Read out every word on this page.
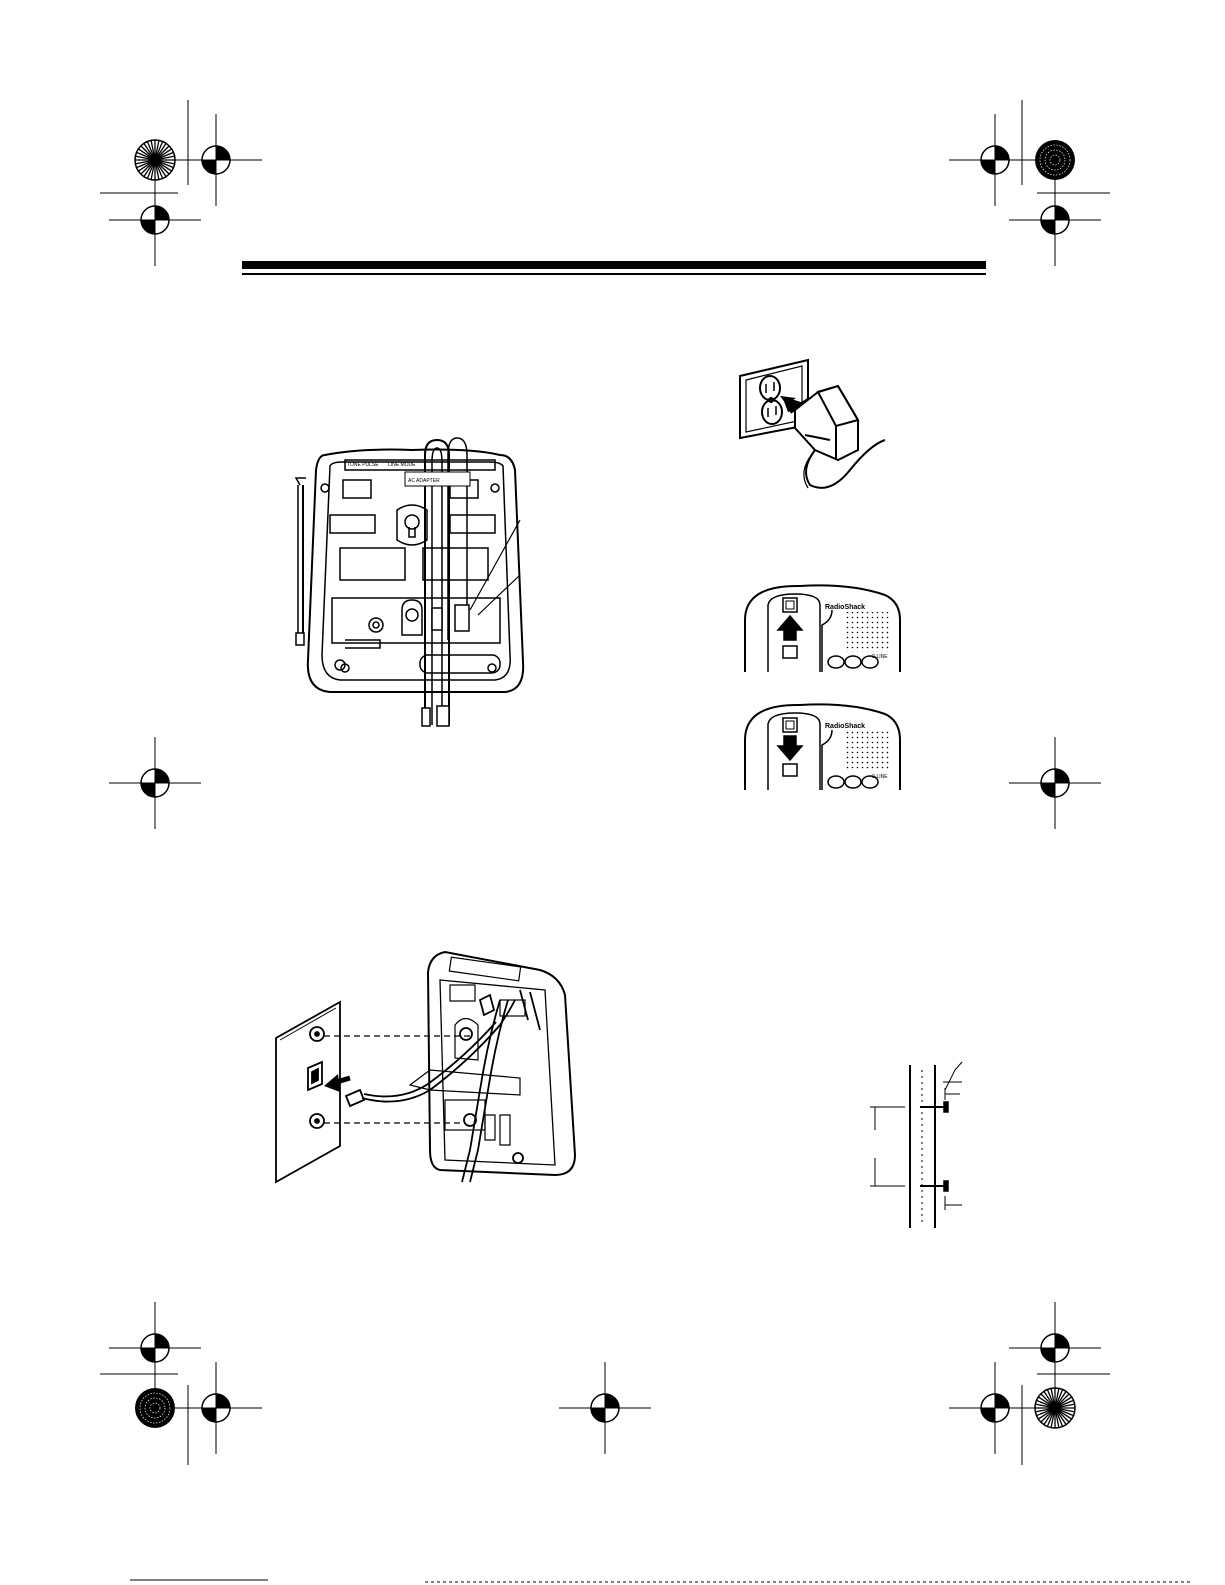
TONE PULSE LINE MODE
AC ADAPTER
RadioShack
2-LINE
RadioShack
2-LINE
